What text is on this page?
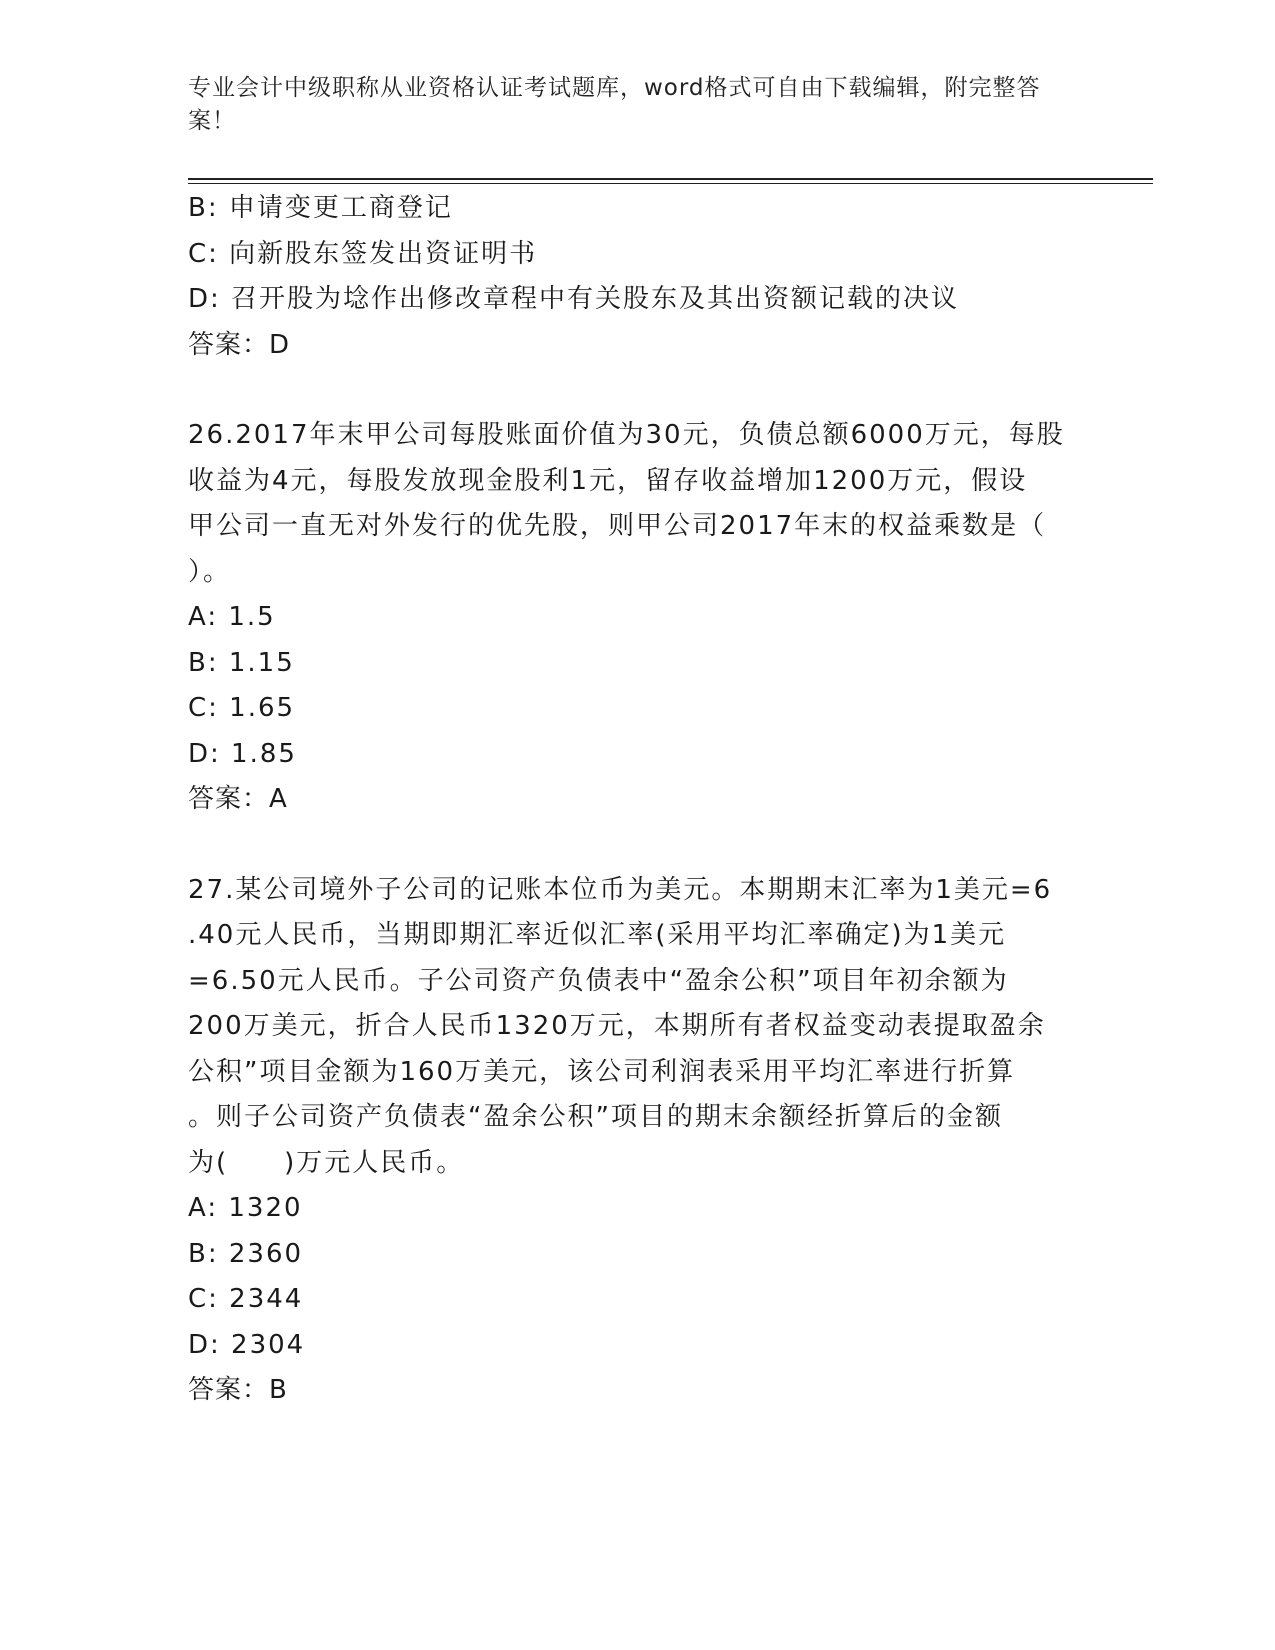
专业会计中级职称从业资格认证考试题库，word格式可自由下载编辑，附完整答
案！
B: 申请变更工商登记
C: 向新股东签发出资证明书
D: 召开股为埝作出修改章程中有关股东及其出资额记载的决议
答案：D
26.2017年末甲公司每股账面价值为30元，负债总额6000万元，每股
收益为4元，每股发放现金股利1元，留存收益增加1200万元，假设
甲公司一直无对外发行的优先股，则甲公司2017年末的权益乘数是（
）。
A: 1.5
B: 1.15
C: 1.65
D: 1.85
答案：A
27.某公司境外子公司的记账本位币为美元。本期期末汇率为1美元=6
.40元人民币，当期即期汇率近似汇率(采用平均汇率确定)为1美元
=6.50元人民币。子公司资产负债表中“盈余公积”项目年初余额为
200万美元，折合人民币1320万元，本期所有者权益变动表提取盈余
公积”项目金额为160万美元，该公司利润表采用平均汇率进行折算
。则子公司资产负债表“盈余公积”项目的期末余额经折算后的金额
为(　　)万元人民币。
A: 1320
B: 2360
C: 2344
D: 2304
答案：B
